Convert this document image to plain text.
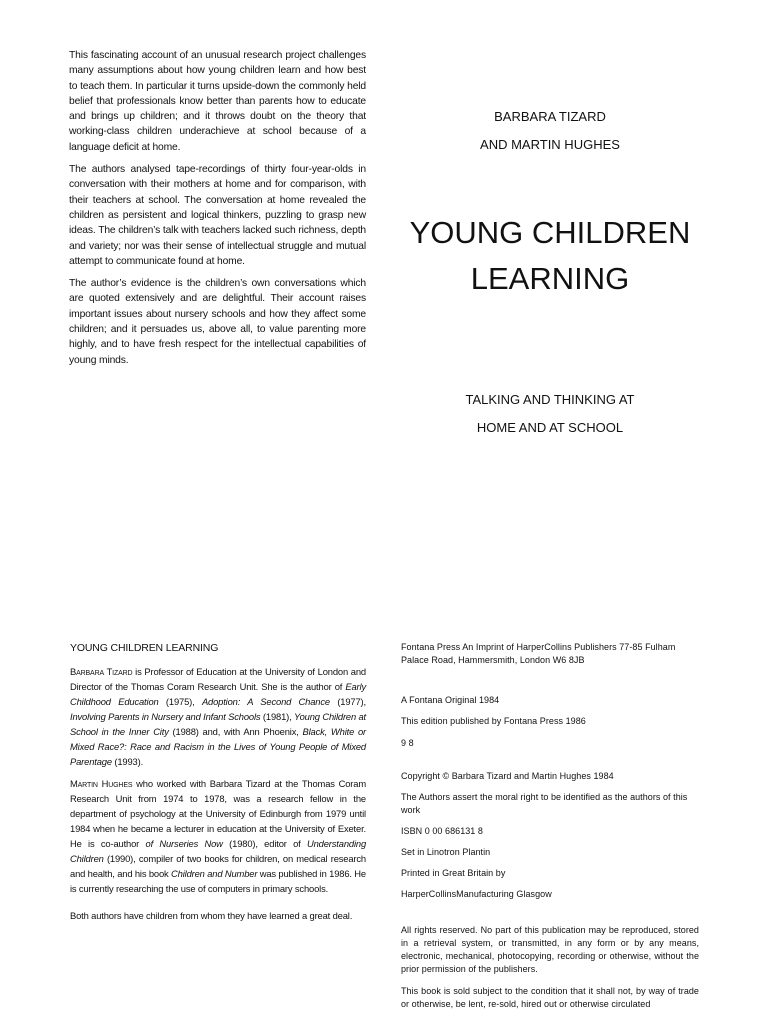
This fascinating account of an unusual research project challenges many assumptions about how young children learn and how best to teach them. In particular it turns upside-down the commonly held belief that professionals know better than parents how to educate and brings up children; and it throws doubt on the theory that working-class children underachieve at school because of a language deficit at home.

The authors analysed tape-recordings of thirty four-year-olds in conversation with their mothers at home and for comparison, with their teachers at school. The conversation at home revealed the children as persistent and logical thinkers, puzzling to grasp new ideas. The children’s talk with teachers lacked such richness, depth and variety; nor was their sense of intellectual struggle and mutual attempt to communicate found at home.

The author’s evidence is the children’s own conversations which are quoted extensively and are delightful. Their account raises important issues about nursery schools and how they affect some children; and it persuades us, above all, to value parenting more highly, and to have fresh respect for the intellectual capabilities of young minds.

BARBARA TIZARD
AND MARTIN HUGHES
YOUNG CHILDREN
LEARNING
TALKING AND THINKING AT
HOME AND AT SCHOOL
YOUNG CHILDREN LEARNING

Barbara Tizard is Professor of Education at the University of London and Director of the Thomas Coram Research Unit. She is the author of Early Childhood Education (1975), Adoption: A Second Chance (1977), Involving Parents in Nursery and Infant Schools (1981), Young Children at School in the Inner City (1988) and, with Ann Phoenix, Black, White or Mixed Race?: Race and Racism in the Lives of Young People of Mixed Parentage (1993).

Martin Hughes who worked with Barbara Tizard at the Thomas Coram Research Unit from 1974 to 1978, was a research fellow in the department of psychology at the University of Edinburgh from 1979 until 1984 when he became a lecturer in education at the University of Exeter. He is co-author of Nurseries Now (1980), editor of Understanding Children (1990), compiler of two books for children, on medical research and health, and his book Children and Number was published in 1986. He is currently researching the use of computers in primary schools.

Both authors have children from whom they have learned a great deal.

Fontana Press An Imprint of HarperCollins Publishers 77-85 Fulham Palace Road, Hammersmith, London W6 8JB

A Fontana Original 1984

This edition published by Fontana Press 1986

9 8

Copyright © Barbara Tizard and Martin Hughes 1984

The Authors assert the moral right to be identified as the authors of this work

ISBN 0 00 686131 8

Set in Linotron Plantin

Printed in Great Britain by

HarperCollinsManufacturing Glasgow

All rights reserved. No part of this publication may be reproduced, stored in a retrieval system, or transmitted, in any form or by any means, electronic, mechanical, photocopying, recording or otherwise, without the prior permission of the publishers.

This book is sold subject to the condition that it shall not, by way of trade or otherwise, be lent, re-sold, hired out or otherwise circulated
